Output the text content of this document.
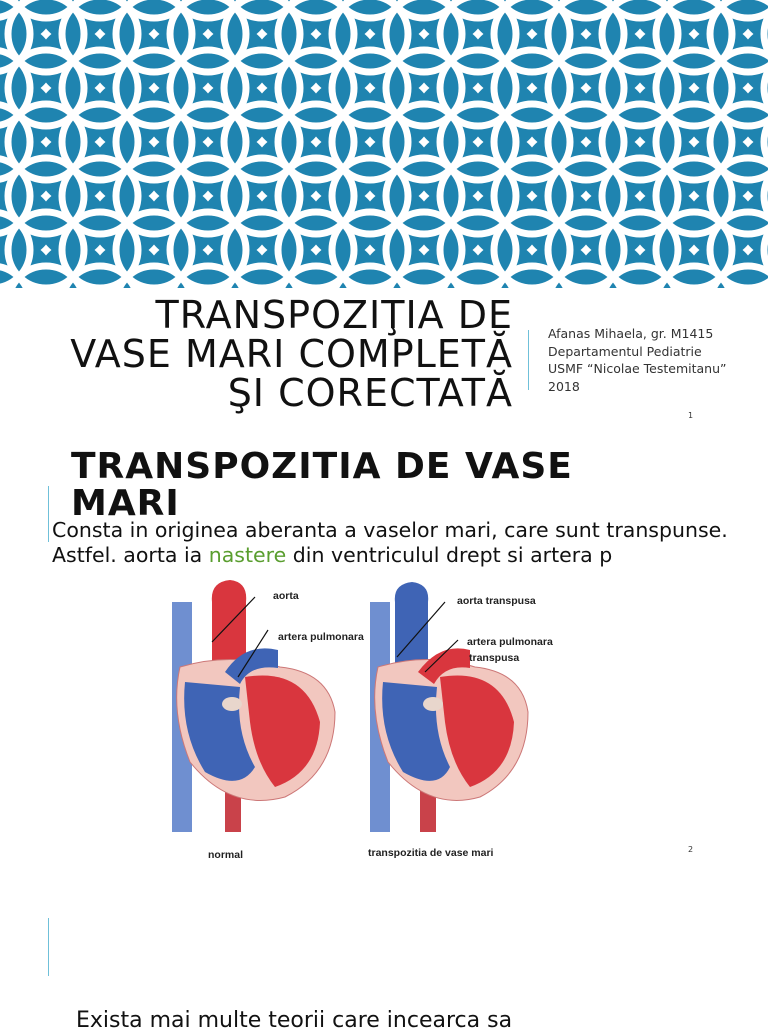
TRANSPOZIŢIA DE
VASE MARI COMPLETĂ
ŞI CORECTATĂ
Afanas Mihaela, gr. M1415
Departamentul Pediatrie
USMF “Nicolae Testemitanu”
2018
1
TRANSPOZITIA DE VASE MARI
Consta in originea aberanta a vaselor mari, care sunt transpunse. Astfel. aorta ia nastere din ventriculul drept si artera p
aorta
artera pulmonara
aorta transpusa
artera pulmonara
transpusa
normal	transpozitia de vase mari	2
Exista mai multe teorii care incearca sa
